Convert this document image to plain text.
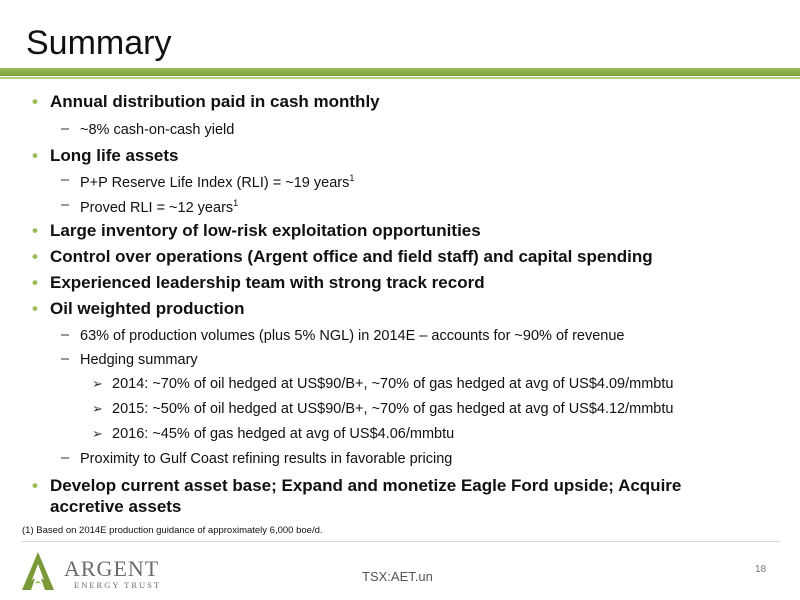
Summary
• Annual distribution paid in cash monthly
– ~8% cash-on-cash yield
• Long life assets
– P+P Reserve Life Index (RLI) = ~19 years$^1$
– Proved RLI = ~12 years$^1$
• Large inventory of low-risk exploitation opportunities
• Control over operations (Argent office and field staff) and capital spending
• Experienced leadership team with strong track record
• Oil weighted production
– 63% of production volumes (plus 5% NGL) in 2014E – accounts for ~90% of revenue
– Hedging summary
➢ 2014: ~70% of oil hedged at US$90/B+, ~70% of gas hedged at avg of US$4.09/mmbtu
➢ 2015: ~50% of oil hedged at US$90/B+, ~70% of gas hedged at avg of US$4.12/mmbtu
➢ 2016: ~45% of gas hedged at avg of US$4.06/mmbtu
– Proximity to Gulf Coast refining results in favorable pricing
• Develop current asset base; Expand and monetize Eagle Ford upside; Acquire
accretive assets
(1) Based on 2014E production guidance of approximately 6,000 boe/d.
ARGENT
ENERGY TRUST
TSX:AET.un	18
